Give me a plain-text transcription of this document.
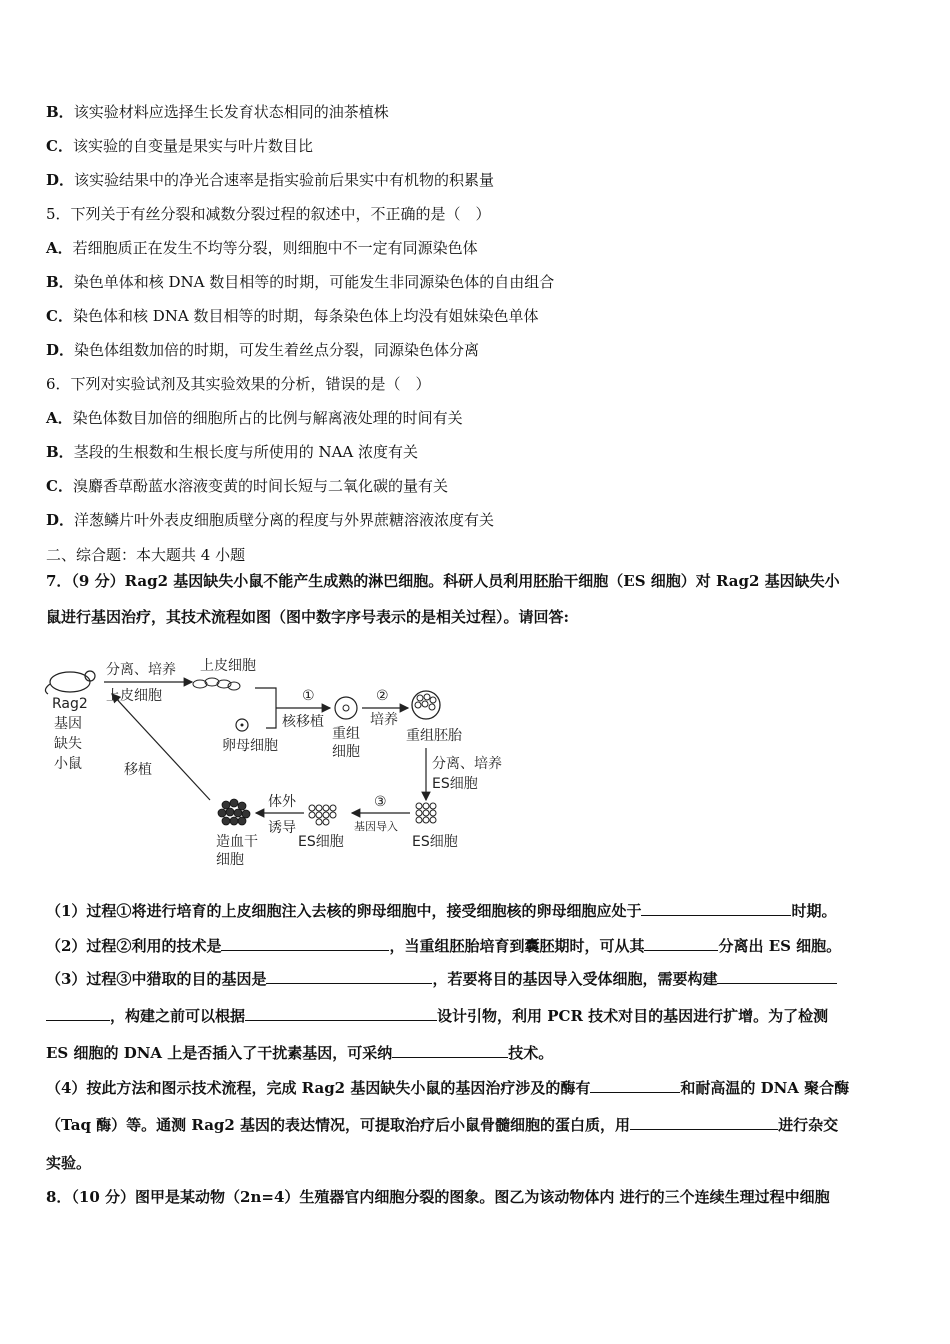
B．该实验材料应选择生长发育状态相同的油茶植株
C．该实验的自变量是果实与叶片数目比
D．该实验结果中的净光合速率是指实验前后果实中有机物的积累量
5．下列关于有丝分裂和减数分裂过程的叙述中，不正确的是（　）
A．若细胞质正在发生不均等分裂，则细胞中不一定有同源染色体
B．染色单体和核 DNA 数目相等的时期，可能发生非同源染色体的自由组合
C．染色体和核 DNA 数目相等的时期，每条染色体上均没有姐妹染色单体
D．染色体组数加倍的时期，可发生着丝点分裂，同源染色体分离
6．下列对实验试剂及其实验效果的分析，错误的是（　）
A．染色体数目加倍的细胞所占的比例与解离液处理的时间有关
B．茎段的生根数和生根长度与所使用的 NAA 浓度有关
C．溴麝香草酚蓝水溶液变黄的时间长短与二氧化碳的量有关
D．洋葱鳞片叶外表皮细胞质壁分离的程度与外界蔗糖溶液浓度有关
二、综合题：本大题共 4 小题
7．（9 分）Rag2 基因缺失小鼠不能产生成熟的淋巴细胞。科研人员利用胚胎干细胞（ES 细胞）对 Rag2 基因缺失小
鼠进行基因治疗，其技术流程如图（图中数字序号表示的是相关过程）。请回答:
Rag2
基因
缺失
小鼠
分离、培养
上皮细胞
上皮细胞
①
核移植
卵母细胞
重组
细胞
②
培养
重组胚胎
分离、培养
ES细胞
ES细胞
③
基因导入
ES细胞
体外
诱导
造血干
细胞
移植
（1）过程①将进行培育的上皮细胞注入去核的卵母细胞中，接受细胞核的卵母细胞应处于	时期。
（2）过程②利用的技术是	，当重组胚胎培育到囊胚期时，可从其	分离出 ES 细胞。
（3）过程③中猎取的目的基因是	，若要将目的基因导入受体细胞，需要构建
，构建之前可以根据	设计引物，利用 PCR 技术对目的基因进行扩增。为了检测
ES 细胞的 DNA 上是否插入了干扰素基因，可采纳	技术。
（4）按此方法和图示技术流程，完成 Rag2 基因缺失小鼠的基因治疗涉及的酶有	和耐高温的 DNA 聚合酶
（Taq 酶）等。通测 Rag2 基因的表达情况，可提取治疗后小鼠骨髓细胞的蛋白质，用	进行杂交
实验。
8．（10 分）图甲是某动物（2n=4）生殖器官内细胞分裂的图象。图乙为该动物体内 进行的三个连续生理过程中细胞
